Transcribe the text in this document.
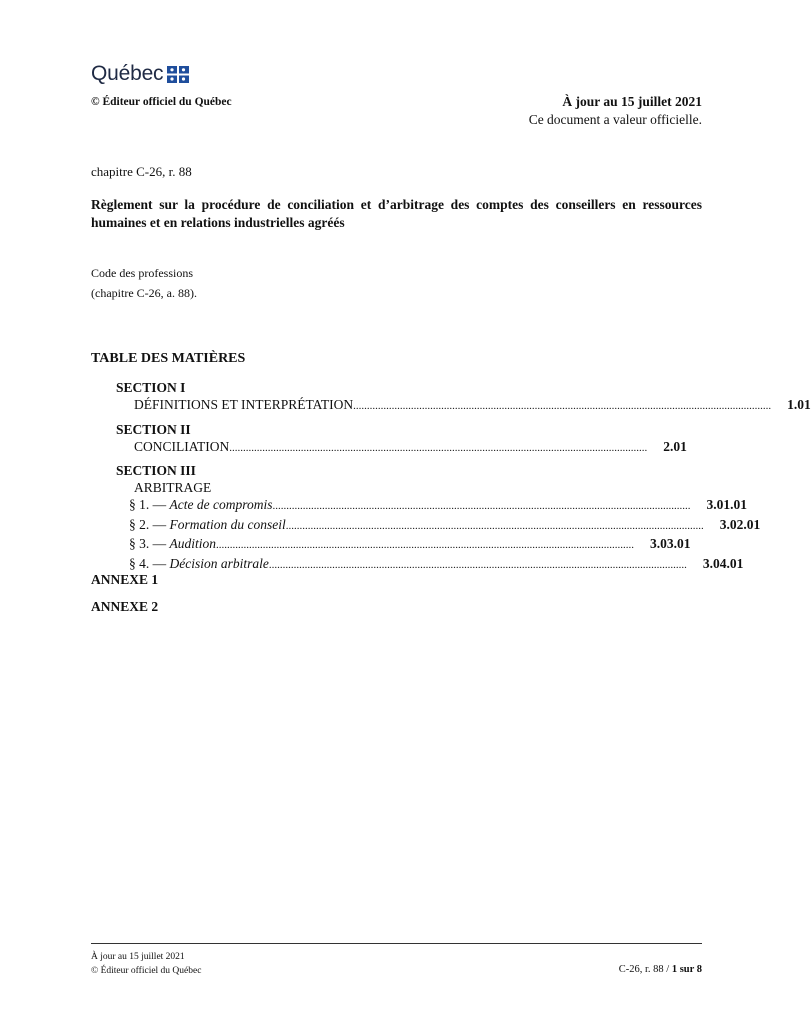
Québec
© Éditeur officiel du Québec	À jour au 15 juillet 2021
Ce document a valeur officielle.
chapitre C-26, r. 88
Règlement sur la procédure de conciliation et d’arbitrage des comptes des conseillers en ressources humaines et en relations industrielles agréés
Code des professions
(chapitre C-26, a. 88).
TABLE DES MATIÈRES
SECTION I
DÉFINITIONS ET INTERPRÉTATION ........................................................................................................................................................	1.01
SECTION II
CONCILIATION ........................................................................................................................................................	2.01
SECTION III
ARBITRAGE
§ 1. — Acte de compromis ........................................................................................................................................................	3.01.01
§ 2. — Formation du conseil ........................................................................................................................................................	3.02.01
§ 3. — Audition ........................................................................................................................................................	3.03.01
§ 4. — Décision arbitrale ........................................................................................................................................................	3.04.01
ANNEXE 1
ANNEXE 2
À jour au 15 juillet 2021
© Éditeur officiel du Québec	C-26, r. 88 / 1 sur 8
